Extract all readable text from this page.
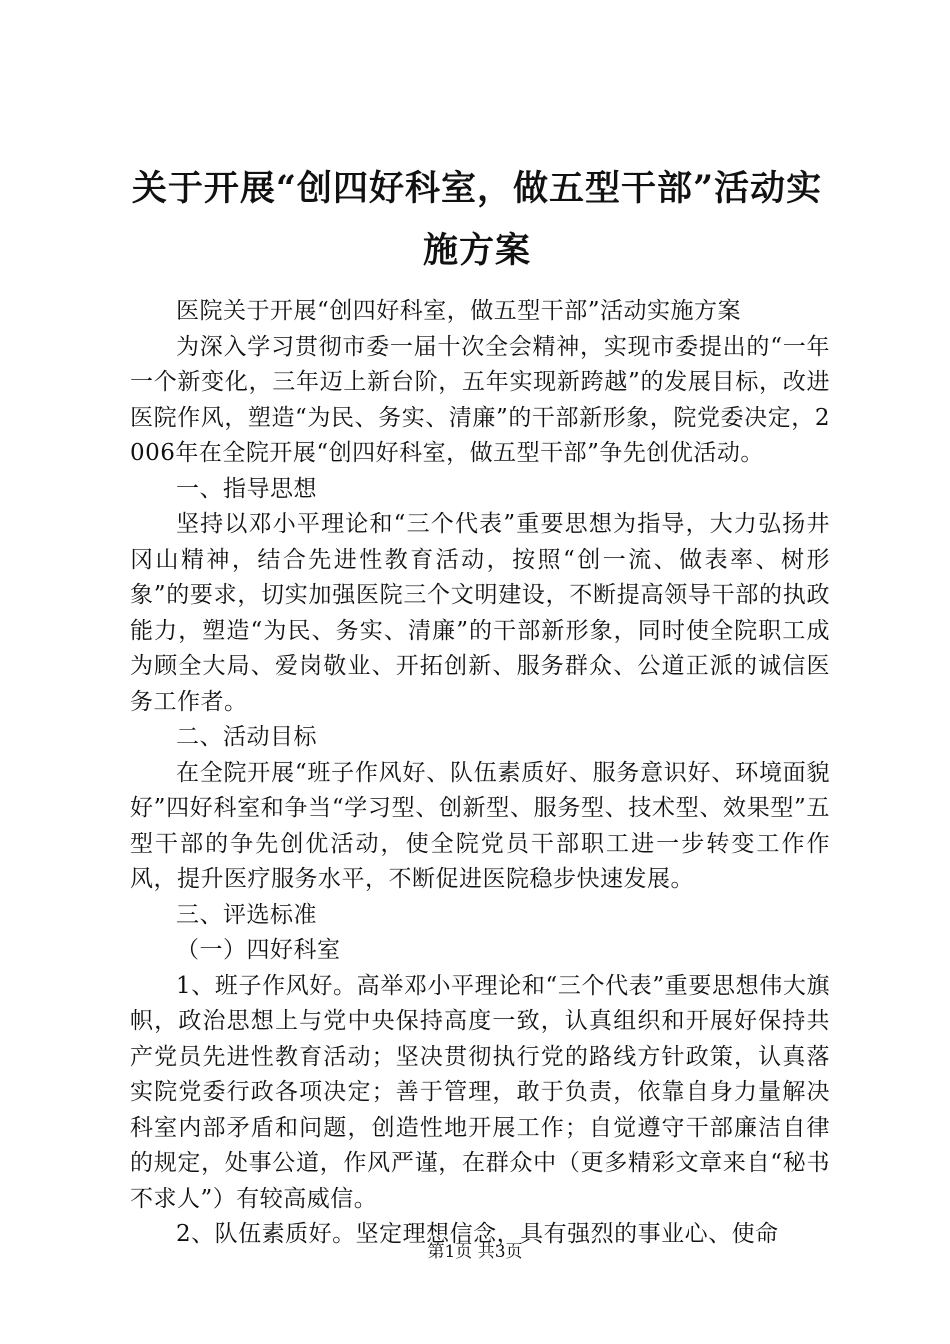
关于开展“创四好科室，做五型干部”活动实施方案

医院关于开展“创四好科室，做五型干部”活动实施方案

为深入学习贯彻市委一届十次全会精神，实现市委提出的“一年一个新变化，三年迈上新台阶，五年实现新跨越”的发展目标，改进医院作风，塑造“为民、务实、清廉”的干部新形象，院党委决定，2006年在全院开展“创四好科室，做五型干部”争先创优活动。

一、指导思想

坚持以邓小平理论和“三个代表”重要思想为指导，大力弘扬井冈山精神，结合先进性教育活动，按照“创一流、做表率、树形象”的要求，切实加强医院三个文明建设，不断提高领导干部的执政能力，塑造“为民、务实、清廉”的干部新形象，同时使全院职工成为顾全大局、爱岗敬业、开拓创新、服务群众、公道正派的诚信医务工作者。

二、活动目标

在全院开展“班子作风好、队伍素质好、服务意识好、环境面貌好”四好科室和争当“学习型、创新型、服务型、技术型、效果型”五型干部的争先创优活动，使全院党员干部职工进一步转变工作作风，提升医疗服务水平，不断促进医院稳步快速发展。

三、评选标准

（一）四好科室

1、班子作风好。高举邓小平理论和“三个代表”重要思想伟大旗帜，政治思想上与党中央保持高度一致，认真组织和开展好保持共产党员先进性教育活动；坚决贯彻执行党的路线方针政策，认真落实院党委行政各项决定；善于管理，敢于负责，依靠自身力量解决科室内部矛盾和问题，创造性地开展工作；自觉遵守干部廉洁自律的规定，处事公道，作风严谨，在群众中（更多精彩文章来自“秘书不求人”）有较高威信。

2、队伍素质好。坚定理想信念，具有强烈的事业心、使命

第1页 共3页
